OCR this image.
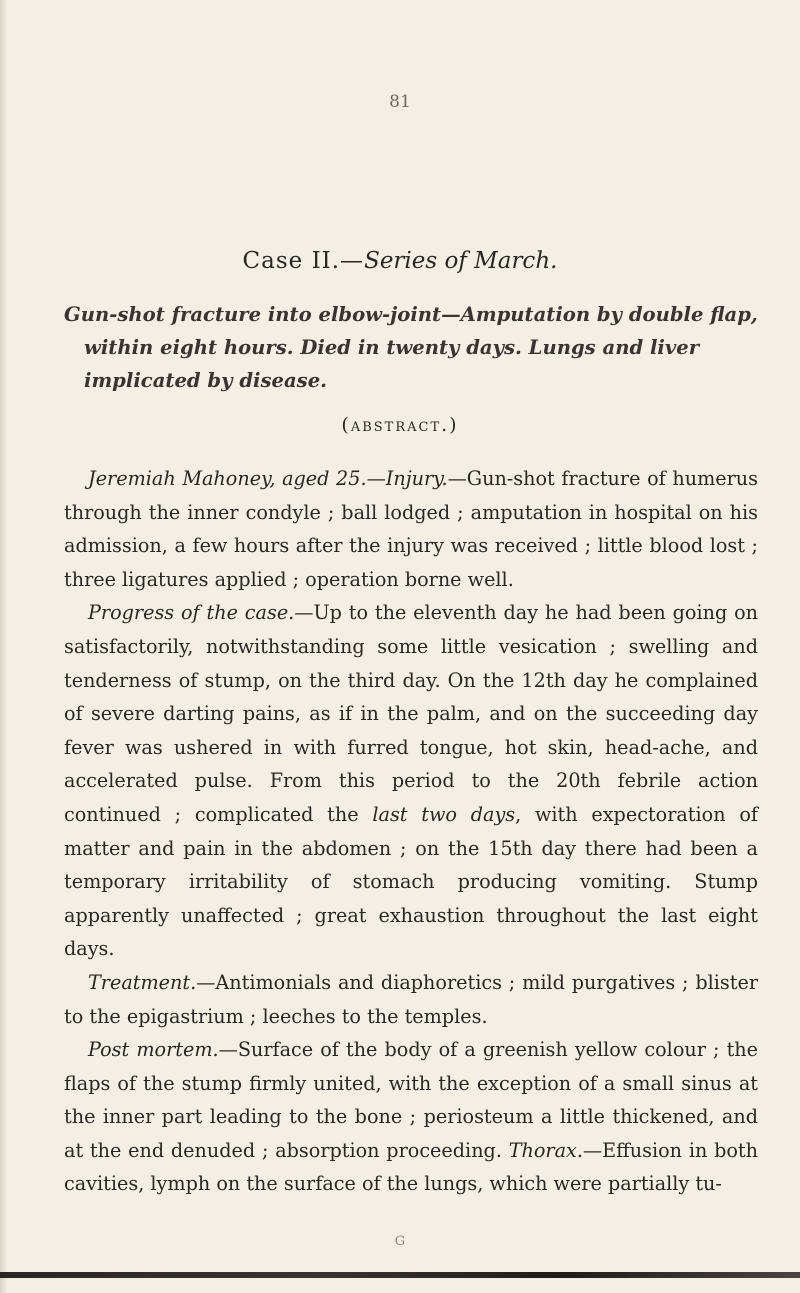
81
Case II.—Series of March.
Gun-shot fracture into elbow-joint—Amputation by double flap, within eight hours. Died in twenty days. Lungs and liver implicated by disease.
(abstract.)

Jeremiah Mahoney, aged 25.—Injury.—Gun-shot fracture of humerus through the inner condyle ; ball lodged ; amputation in hospital on his admission, a few hours after the injury was received ; little blood lost ; three ligatures applied ; operation borne well.

Progress of the case.—Up to the eleventh day he had been going on satisfactorily, notwithstanding some little vesication ; swelling and tenderness of stump, on the third day. On the 12th day he complained of severe darting pains, as if in the palm, and on the succeeding day fever was ushered in with furred tongue, hot skin, head-ache, and accelerated pulse. From this period to the 20th febrile action continued ; complicated the last two days, with expectoration of matter and pain in the abdomen ; on the 15th day there had been a temporary irritability of stomach producing vomiting. Stump apparently unaffected ; great exhaustion throughout the last eight days.

Treatment.—Antimonials and diaphoretics ; mild purgatives ; blister to the epigastrium ; leeches to the temples.

Post mortem.—Surface of the body of a greenish yellow colour ; the flaps of the stump firmly united, with the exception of a small sinus at the inner part leading to the bone ; periosteum a little thickened, and at the end denuded ; absorption proceeding. Thorax.—Effusion in both cavities, lymph on the surface of the lungs, which were partially tu-

G
